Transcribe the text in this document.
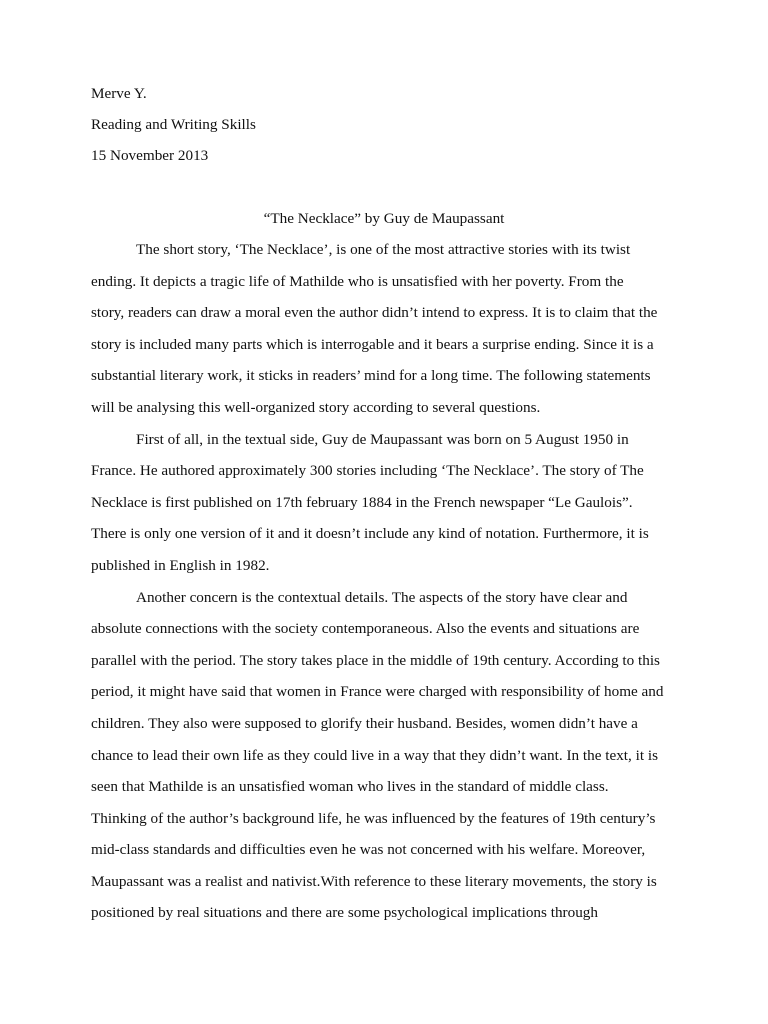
Merve Y.
Reading and Writing Skills
15 November 2013
“The Necklace” by Guy de Maupassant
The short story, ‘The Necklace’, is one of the most attractive stories with its twist
ending. It depicts a tragic life of Mathilde who is unsatisfied with her poverty. From the
story, readers can draw a moral even the author didn’t intend to express. It is to claim that the
story is included many parts which is interrogable and it bears a surprise ending. Since it is a
substantial literary work, it sticks in readers’ mind for a long time. The following statements
will be analysing this well-organized story according to several questions.
First of all, in the textual side, Guy de Maupassant was born on 5 August 1950 in
France. He authored approximately 300 stories including ‘The Necklace’. The story of The
Necklace is first published on 17th february 1884 in the French newspaper “Le Gaulois”.
There is only one version of it and it doesn’t include any kind of notation. Furthermore, it is
published in English in 1982.
Another concern is the contextual details. The aspects of the story have clear and
absolute connections with the society contemporaneous. Also the events and situations are
parallel with the period. The story takes place in the middle of 19th century. According to this
period, it might have said that women in France were charged with responsibility of home and
children. They also were supposed to glorify their husband. Besides, women didn’t have a
chance to lead their own life as they could live in a way that they didn’t want. In the text, it is
seen that Mathilde is an unsatisfied woman who lives in the standard of middle class.
Thinking of the author’s background life, he was influenced by the features of 19th century’s
mid-class standards and difficulties even he was not concerned with his welfare. Moreover,
Maupassant was a realist and nativist.With reference to these literary movements, the story is
positioned by real situations and there are some psychological implications through
